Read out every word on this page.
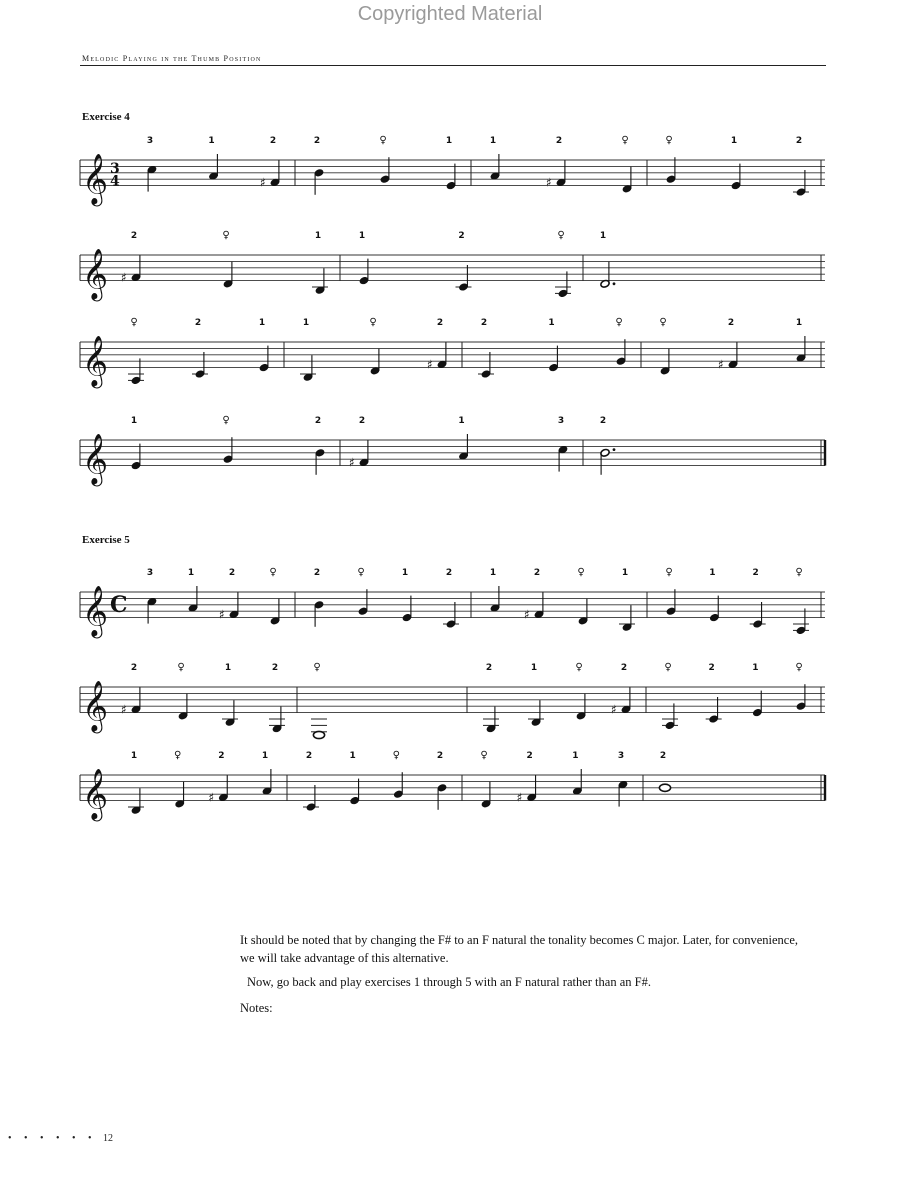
Copyrighted Material
Melodic Playing in the Thumb Position
Exercise 4
Exercise 5
𝄞 3
4
3	1
♯
2	2	♀	1	1
♯
2	♀	♀	1	2
𝄞 ♯
2	♀	1	1	2	♀	1
𝄞
♀	2	1	1	♀
♯
2	2	1	♀	♀
♯
2	1
𝄞
1	♀	2
♯
2	1	3	2
𝄞 C
3	1
♯
2	♀	2	♀	1	2	1
♯
2	♀	1	♀	1	2	♀
𝄞 ♯
2	♀	1	2	♀	2	1	♀
♯
2	♀	2	1	♀
𝄞
1	♀
♯
2	1	2	1	♀	2	♀
♯
2	1	3	2

It should be noted that by changing the F# to an F natural the tonality becomes C major. Later, for convenience, we will take advantage of this alternative.

Now, go back and play exercises 1 through 5 with an F natural rather than an F#.

Notes:
• • • • • • 12
